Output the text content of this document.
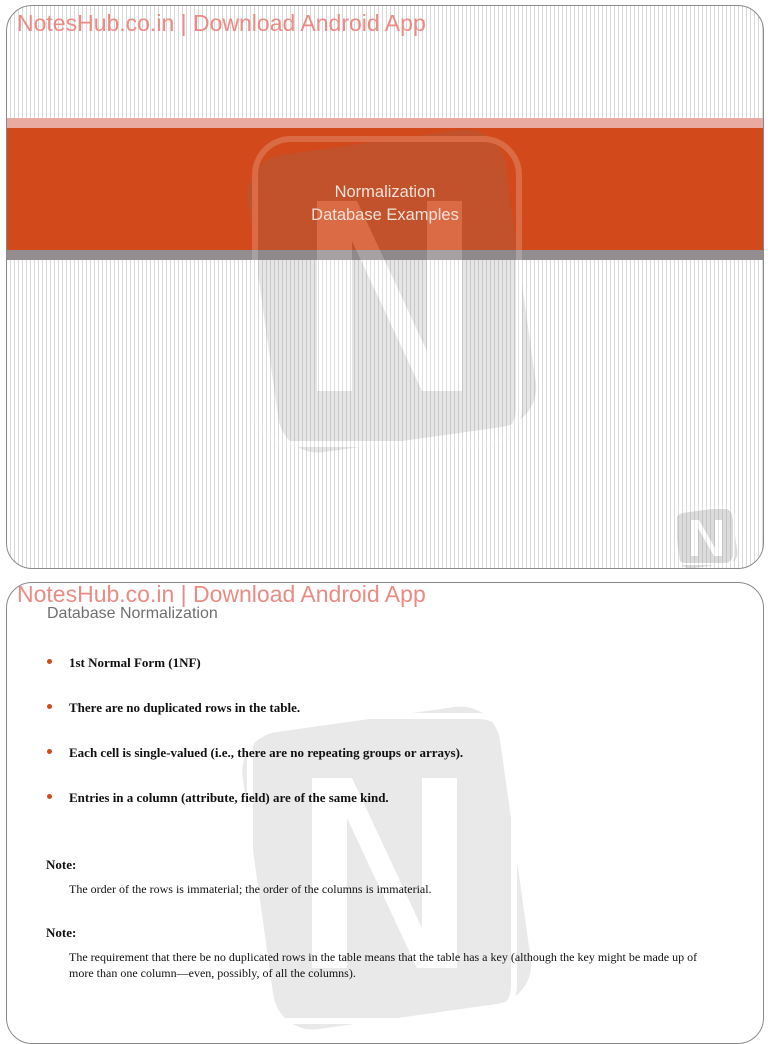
NotesHub.co.in | Download Android App
Normalization
Database Examples
NotesHub.co.in | Download Android App
Database Normalization
1st Normal Form (1NF)
There are no duplicated rows in the table.
Each cell is single-valued (i.e., there are no repeating groups or arrays).
Entries in a column (attribute, field) are of the same kind.
Note:
The order of the rows is immaterial; the order of the columns is immaterial.
Note:
The requirement that there be no duplicated rows in the table means that the table has a key (although the key might be made up of more than one column—even, possibly, of all the columns).
